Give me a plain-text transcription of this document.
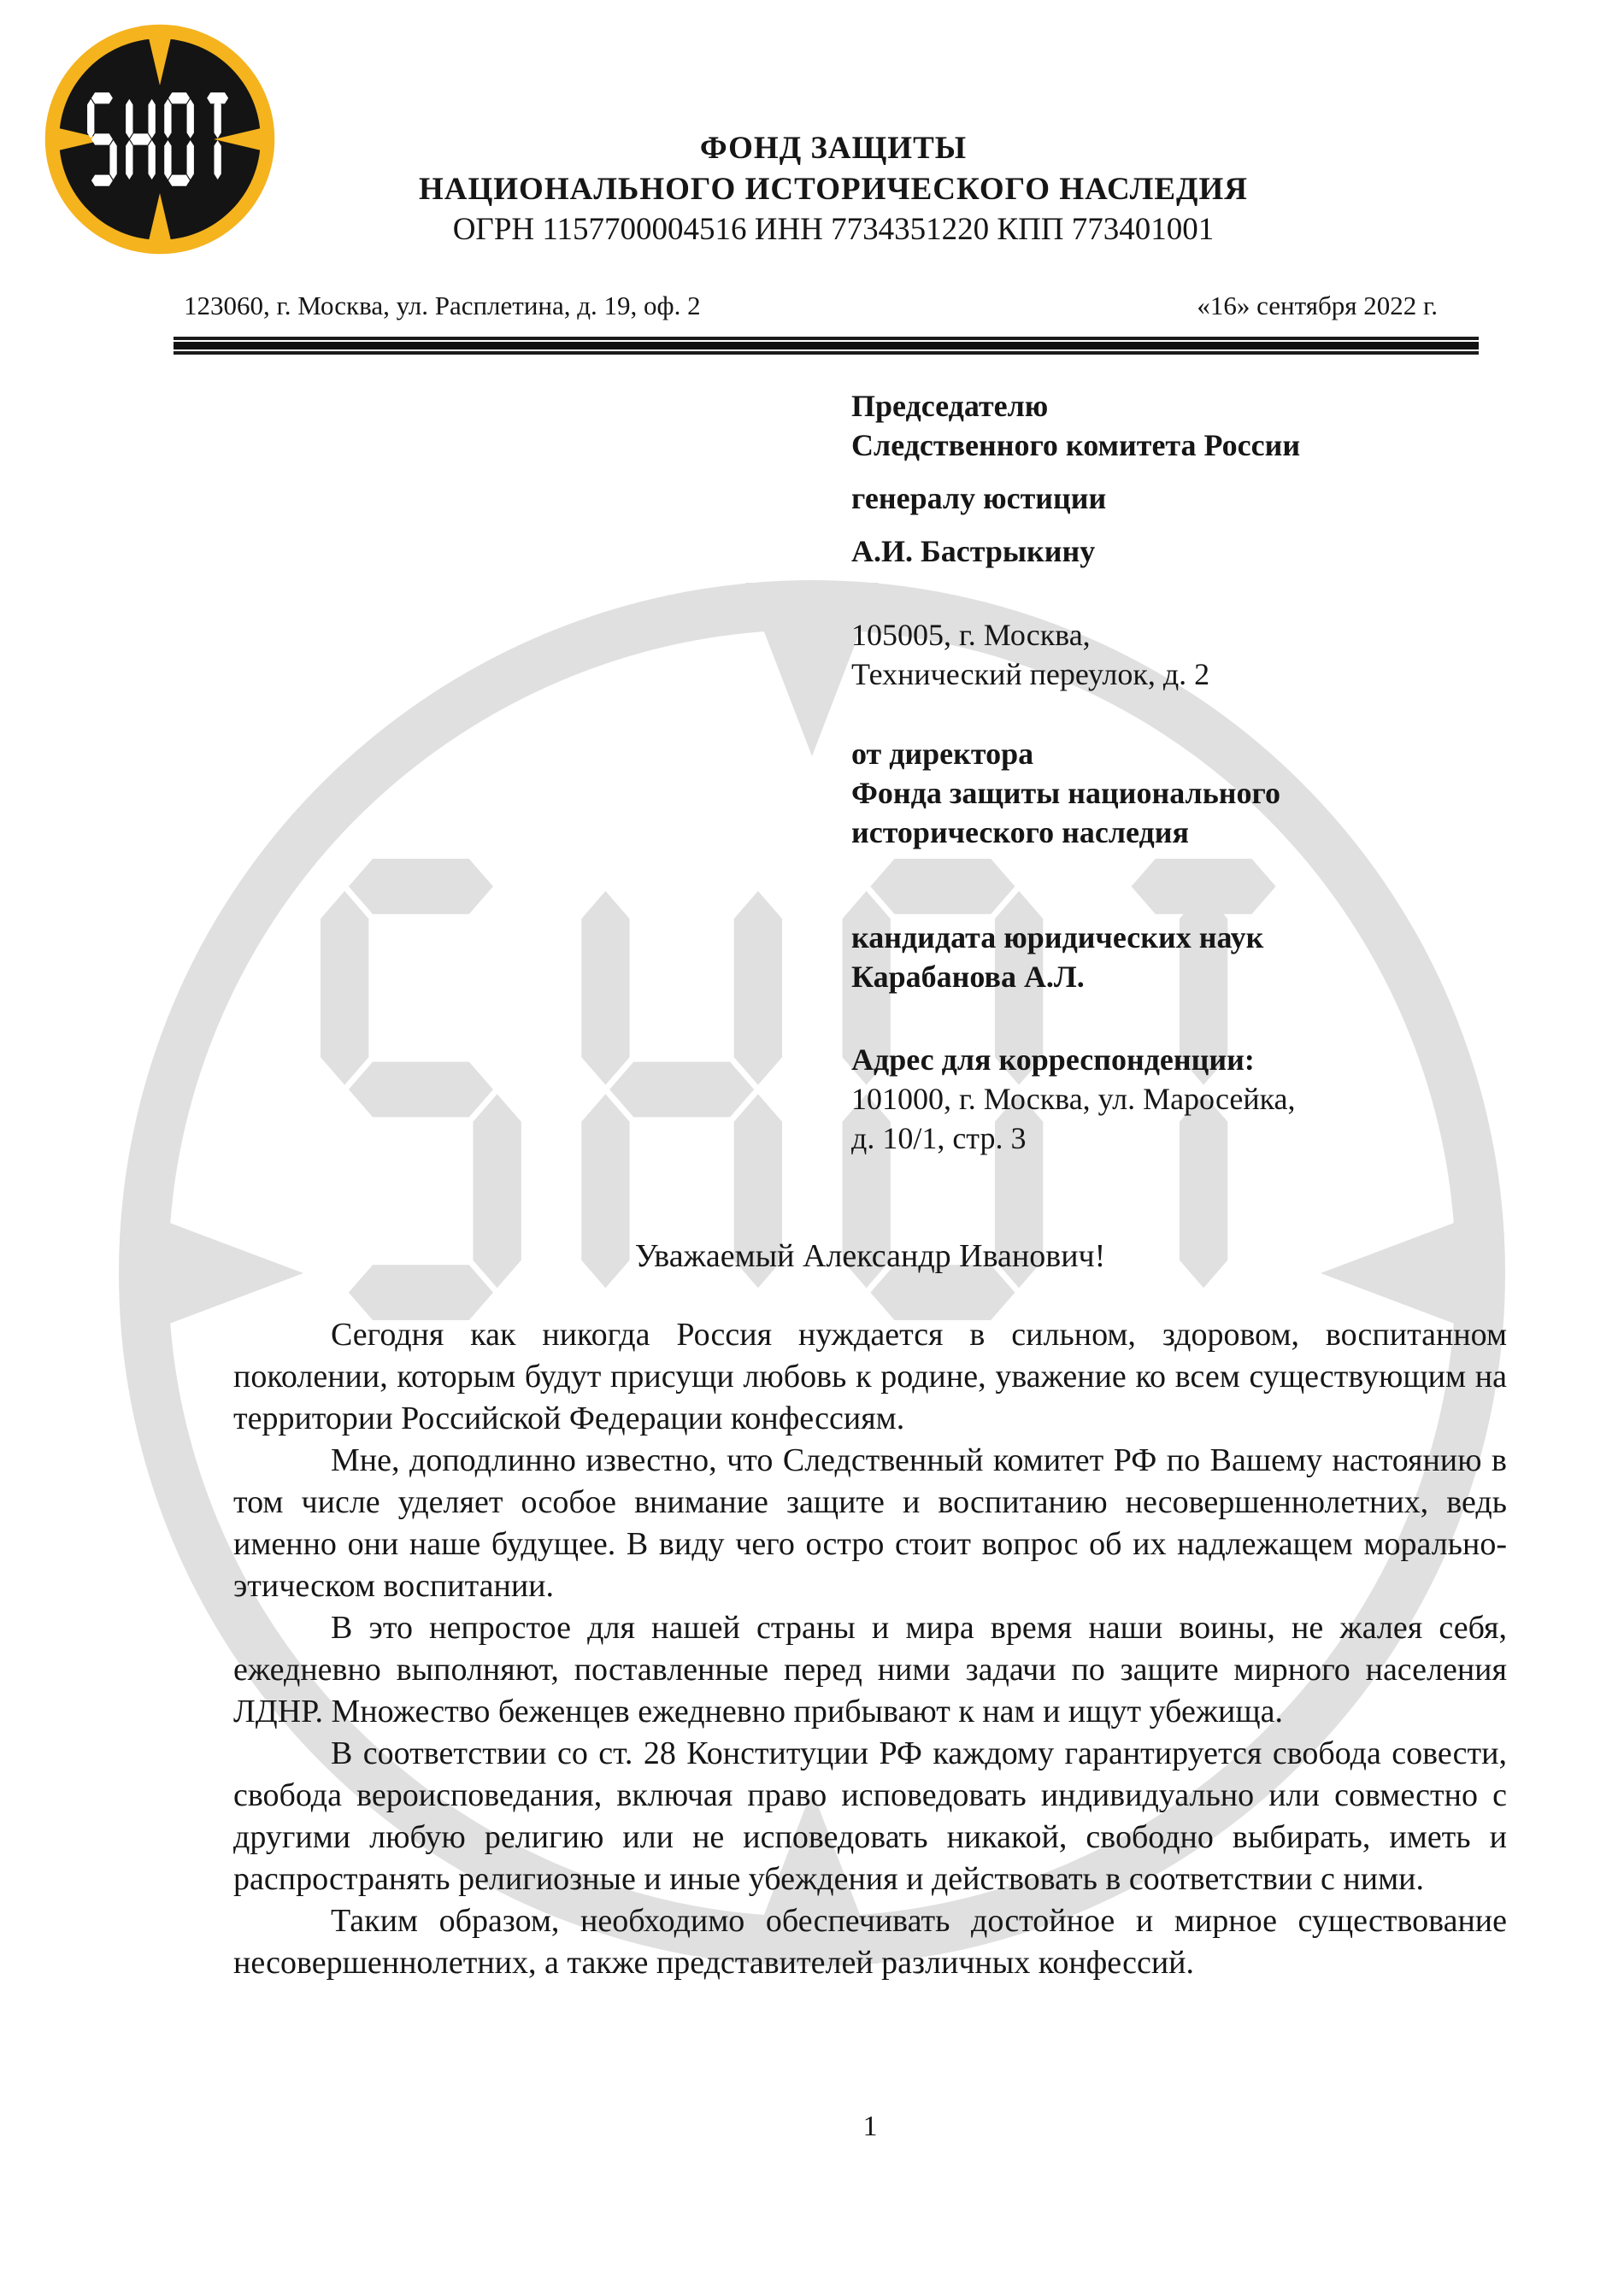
ФОНД ЗАЩИТЫ
НАЦИОНАЛЬНОГО ИСТОРИЧЕСКОГО НАСЛЕДИЯ
ОГРН 1157700004516 ИНН 7734351220 КПП 773401001
123060, г. Москва, ул. Расплетина, д. 19, оф. 2	«16» сентября 2022 г.
Председателю
Следственного комитета России
генералу юстиции
А.И. Бастрыкину
105005, г. Москва,
Технический переулок, д. 2
от директора
Фонда защиты национального
исторического наследия
кандидата юридических наук
Карабанова А.Л.
Адрес для корреспонденции:
101000, г. Москва, ул. Маросейка,
д. 10/1, стр. 3
Уважаемый Александр Иванович!

Сегодня как никогда Россия нуждается в сильном, здоровом, воспитанном поколении, которым будут присущи любовь к родине, уважение ко всем существующим на территории Российской Федерации конфессиям.

Мне, доподлинно известно, что Следственный комитет РФ по Вашему настоянию в том числе уделяет особое внимание защите и воспитанию несовершеннолетних, ведь именно они наше будущее. В виду чего остро стоит вопрос об их надлежащем морально-этическом воспитании.

В это непростое для нашей страны и мира время наши воины, не жалея себя, ежедневно выполняют, поставленные перед ними задачи по защите мирного населения ЛДНР. Множество беженцев ежедневно прибывают к нам и ищут убежища.

В соответствии со ст. 28 Конституции РФ каждому гарантируется свобода совести, свобода вероисповедания, включая право исповедовать индивидуально или совместно с другими любую религию или не исповедовать никакой, свободно выбирать, иметь и распространять религиозные и иные убеждения и действовать в соответствии с ними.

Таким образом, необходимо обеспечивать достойное и мирное существование несовершеннолетних, а также представителей различных конфессий.

1
